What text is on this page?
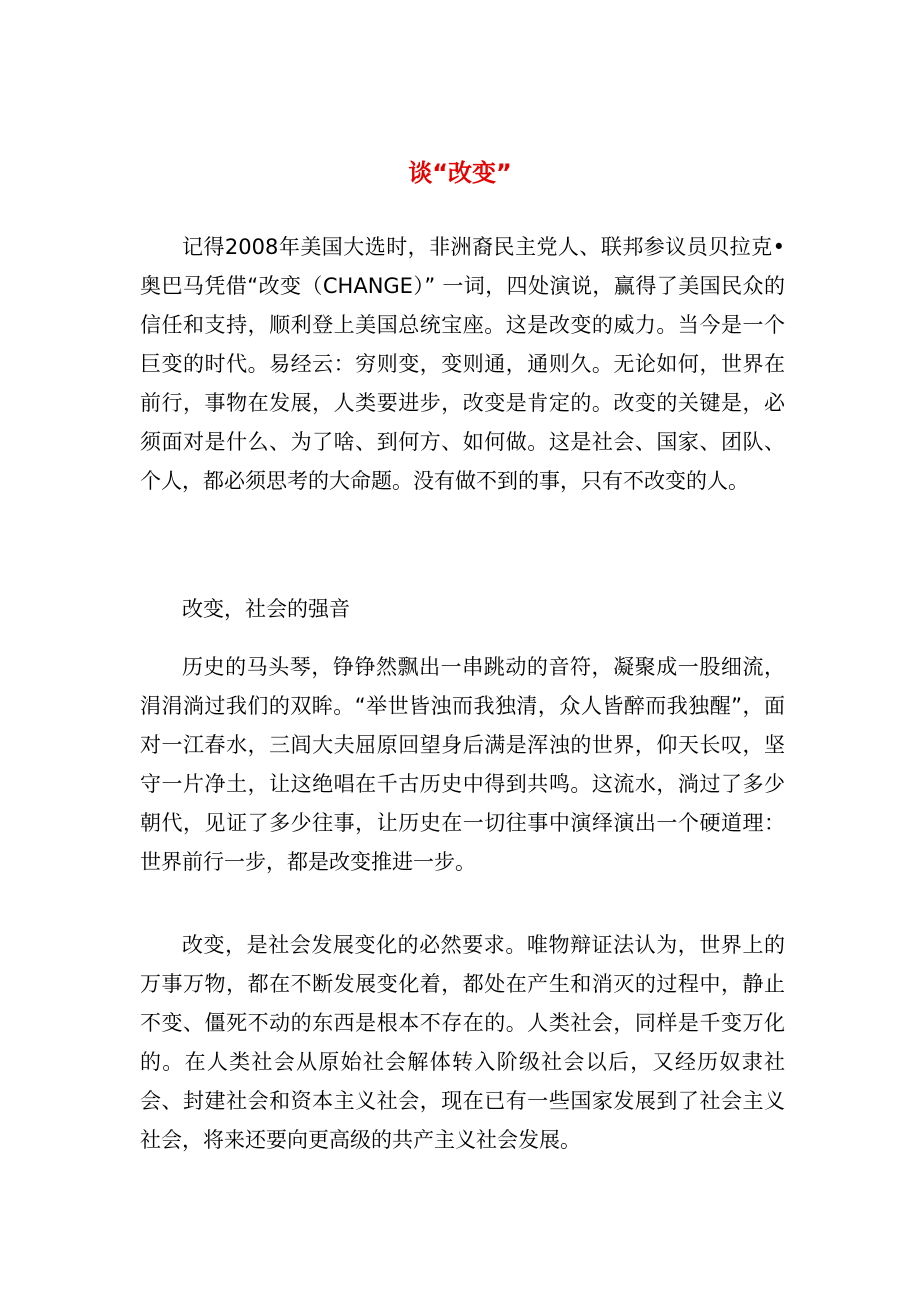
谈“改变”

记得2008年美国大选时，非洲裔民主党人、联邦参议员贝拉克•奥巴马凭借“改变（CHANGE）” 一词，四处演说，赢得了美国民众的信任和支持，顺利登上美国总统宝座。这是改变的威力。当今是一个巨变的时代。易经云：穷则变，变则通，通则久。无论如何，世界在前行，事物在发展，人类要进步，改变是肯定的。改变的关键是，必须面对是什么、为了啥、到何方、如何做。这是社会、国家、团队、个人，都必须思考的大命题。没有做不到的事，只有不改变的人。

改变，社会的强音

历史的马头琴，铮铮然飘出一串跳动的音符，凝聚成一股细流，涓涓淌过我们的双眸。“举世皆浊而我独清，众人皆醉而我独醒”，面对一江春水，三闾大夫屈原回望身后满是浑浊的世界，仰天长叹，坚守一片净土，让这绝唱在千古历史中得到共鸣。这流水，淌过了多少朝代，见证了多少往事，让历史在一切往事中演绎演出一个硬道理：世界前行一步，都是改变推进一步。

改变，是社会发展变化的必然要求。唯物辩证法认为，世界上的万事万物，都在不断发展变化着，都处在产生和消灭的过程中，静止不变、僵死不动的东西是根本不存在的。人类社会，同样是千变万化的。在人类社会从原始社会解体转入阶级社会以后，又经历奴隶社会、封建社会和资本主义社会，现在已有一些国家发展到了社会主义社会，将来还要向更高级的共产主义社会发展。
